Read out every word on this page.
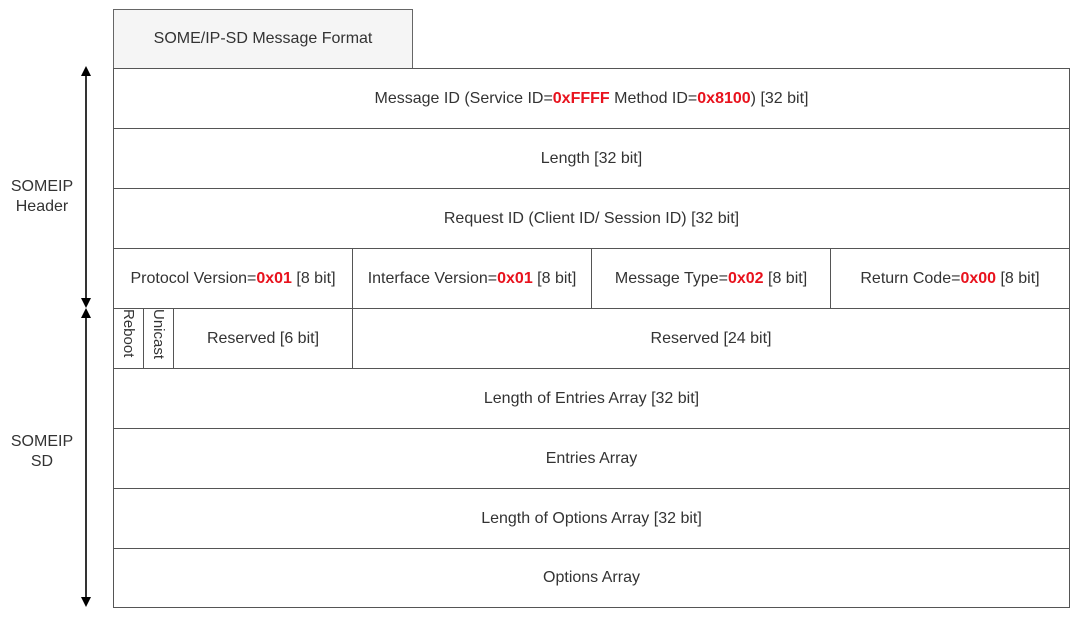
SOME/IP-SD Message Format
SOMEIP
Header
SOMEIP
SD
Message ID (Service ID= 0xFFFF Method ID= 0x8100 ) [32 bit]
Length [32 bit]
Request ID (Client ID/ Session ID) [32 bit]
Protocol Version= 0x01 [8 bit] Interface Version= 0x01 [8 bit] Message Type= 0x02 [8 bit]	Return Code= 0x00 [8 bit]
Reboot Unicast Reserved [6 bit]	Reserved [24 bit]
Length of Entries Array [32 bit]
Entries Array
Length of Options Array [32 bit]
Options Array
